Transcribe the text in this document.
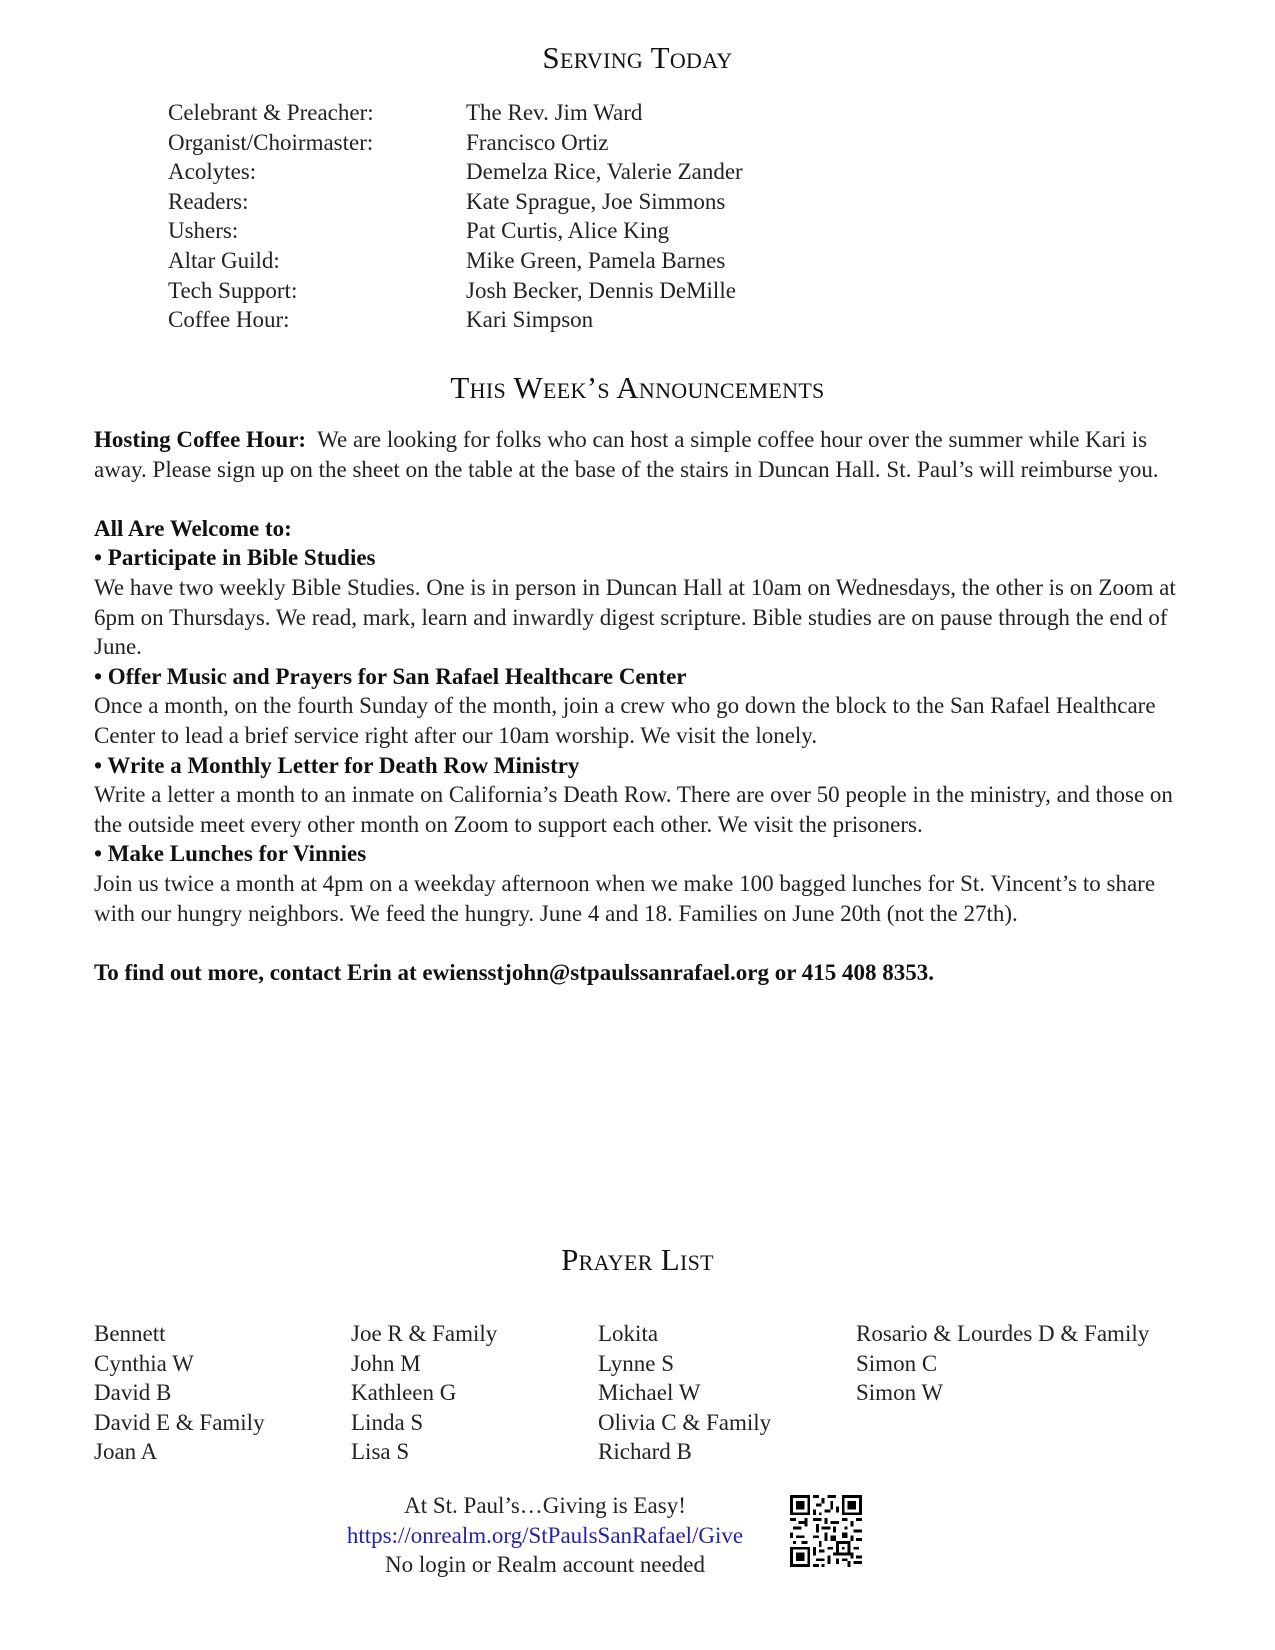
Serving Today
Celebrant & Preacher:	The Rev. Jim Ward
Organist/Choirmaster:	Francisco Ortiz
Acolytes:	Demelza Rice, Valerie Zander
Readers:	Kate Sprague, Joe Simmons
Ushers:	Pat Curtis, Alice King
Altar Guild:	Mike Green, Pamela Barnes
Tech Support:	Josh Becker, Dennis DeMille
Coffee Hour:	Kari Simpson
This Week’s Announcements

Hosting Coffee Hour: We are looking for folks who can host a simple coffee hour over the summer while Kari is away. Please sign up on the sheet on the table at the base of the stairs in Duncan Hall. St. Paul’s will reimburse you.

All Are Welcome to:

• Participate in Bible Studies

We have two weekly Bible Studies. One is in person in Duncan Hall at 10am on Wednesdays, the other is on Zoom at 6pm on Thursdays. We read, mark, learn and inwardly digest scripture. Bible studies are on pause through the end of June.

• Offer Music and Prayers for San Rafael Healthcare Center

Once a month, on the fourth Sunday of the month, join a crew who go down the block to the San Rafael Healthcare Center to lead a brief service right after our 10am worship. We visit the lonely.

• Write a Monthly Letter for Death Row Ministry

Write a letter a month to an inmate on California’s Death Row. There are over 50 people in the ministry, and those on the outside meet every other month on Zoom to support each other. We visit the prisoners.

• Make Lunches for Vinnies

Join us twice a month at 4pm on a weekday afternoon when we make 100 bagged lunches for St. Vincent’s to share with our hungry neighbors. We feed the hungry. June 4 and 18. Families on June 20th (not the 27th).

To find out more, contact Erin at ewiensstjohn@stpaulssanrafael.org or 415 408 8353.

Prayer List
Bennett
Cynthia W
David B
David E & Family
Joan A
Joe R & Family
John M
Kathleen G
Linda S
Lisa S
Lokita
Lynne S
Michael W
Olivia C & Family
Richard B
Rosario & Lourdes D & Family
Simon C
Simon W
At St. Paul’s…Giving is Easy!
https://onrealm.org/StPaulsSanRafael/Give
No login or Realm account needed
